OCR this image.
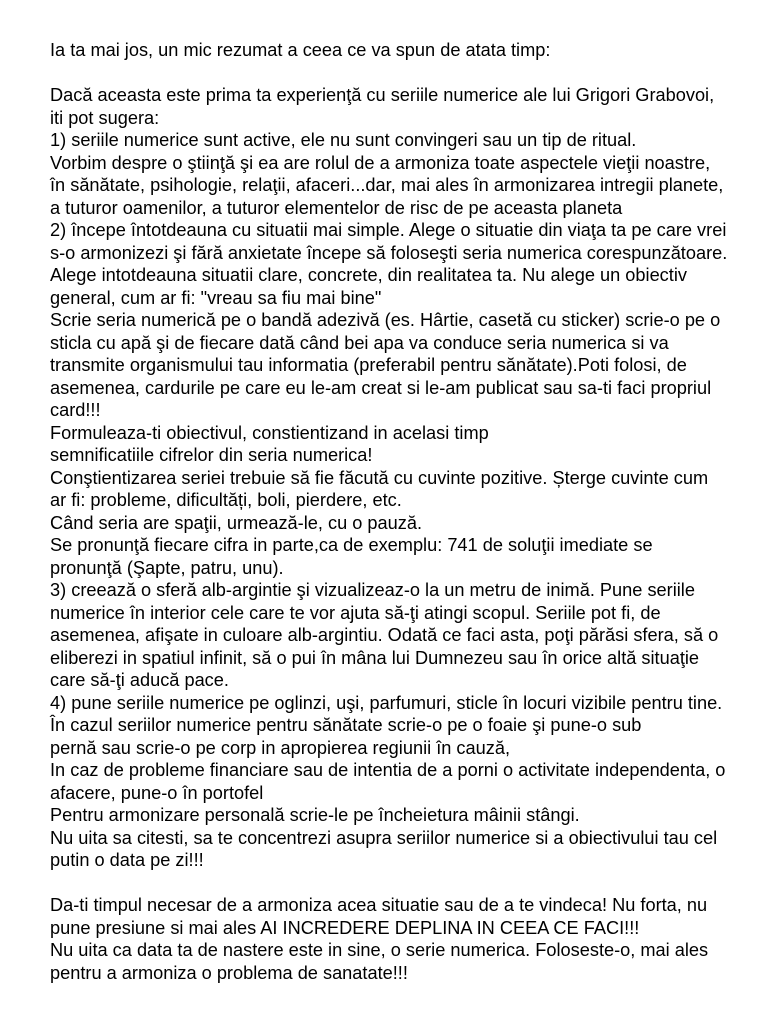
Ia ta mai jos, un mic rezumat a ceea ce va spun de atata timp:
Dacă aceasta este prima ta experienţă cu seriile numerice ale lui Grigori Grabovoi,
iti pot sugera:
1) seriile numerice sunt active, ele nu sunt convingeri sau un tip de ritual.
Vorbim despre o ştiinţă şi ea are rolul de a armoniza toate aspectele vieţii noastre,
în sănătate, psihologie, relaţii, afaceri...dar, mai ales în armonizarea intregii planete,
a tuturor oamenilor, a tuturor elementelor de risc de pe aceasta planeta
2) începe întotdeauna cu situatii mai simple. Alege o situatie din viaţa ta pe care vrei
s-o armonizezi şi fără anxietate începe să foloseşti seria numerica corespunzătoare.
Alege intotdeauna situatii clare, concrete, din realitatea ta. Nu alege un obiectiv
general, cum ar fi: "vreau sa fiu mai bine"
Scrie seria numerică pe o bandă adezivă (es. Hârtie, casetă cu sticker) scrie-o pe o
sticla cu apă şi de fiecare dată când bei apa va conduce seria numerica si va
transmite organismului tau informatia (preferabil pentru sănătate).Poti folosi, de
asemenea, cardurile pe care eu le-am creat si le-am publicat sau sa-ti faci propriul
card!!!
Formuleaza-ti obiectivul, constientizand in acelasi timp
semnificatiile cifrelor din seria numerica!
Conştientizarea seriei trebuie să fie făcută cu cuvinte pozitive. Șterge cuvinte cum
ar fi: probleme, dificultăți, boli, pierdere, etc.
Când seria are spaţii, urmează-le, cu o pauză.
Se pronunţă fiecare cifra in parte,ca de exemplu: 741 de soluţii imediate se
pronunţă (Şapte, patru, unu).
3) creează o sferă alb-argintie şi vizualizeaz-o la un metru de inimă. Pune seriile
numerice în interior cele care te vor ajuta să-ţi atingi scopul. Seriile pot fi, de
asemenea, afişate in culoare alb-argintiu. Odată ce faci asta, poţi părăsi sfera, să o
eliberezi in spatiul infinit, să o pui în mâna lui Dumnezeu sau în orice altă situaţie
care să-ţi aducă pace.
4) pune seriile numerice pe oglinzi, uşi, parfumuri, sticle în locuri vizibile pentru tine.
În cazul seriilor numerice pentru sănătate scrie-o pe o foaie şi pune-o sub
pernă sau scrie-o pe corp in apropierea regiunii în cauză,
In caz de probleme financiare sau de intentia de a porni o activitate independenta, o
afacere, pune-o în portofel
Pentru armonizare personală scrie-le pe încheietura mâinii stângi.
Nu uita sa citesti, sa te concentrezi asupra seriilor numerice si a obiectivului tau cel
putin o data pe zi!!!
Da-ti timpul necesar de a armoniza acea situatie sau de a te vindeca! Nu forta, nu
pune presiune si mai ales AI INCREDERE DEPLINA IN CEEA CE FACI!!!
Nu uita ca data ta de nastere este in sine, o serie numerica. Foloseste-o, mai ales
pentru a armoniza o problema de sanatate!!!
